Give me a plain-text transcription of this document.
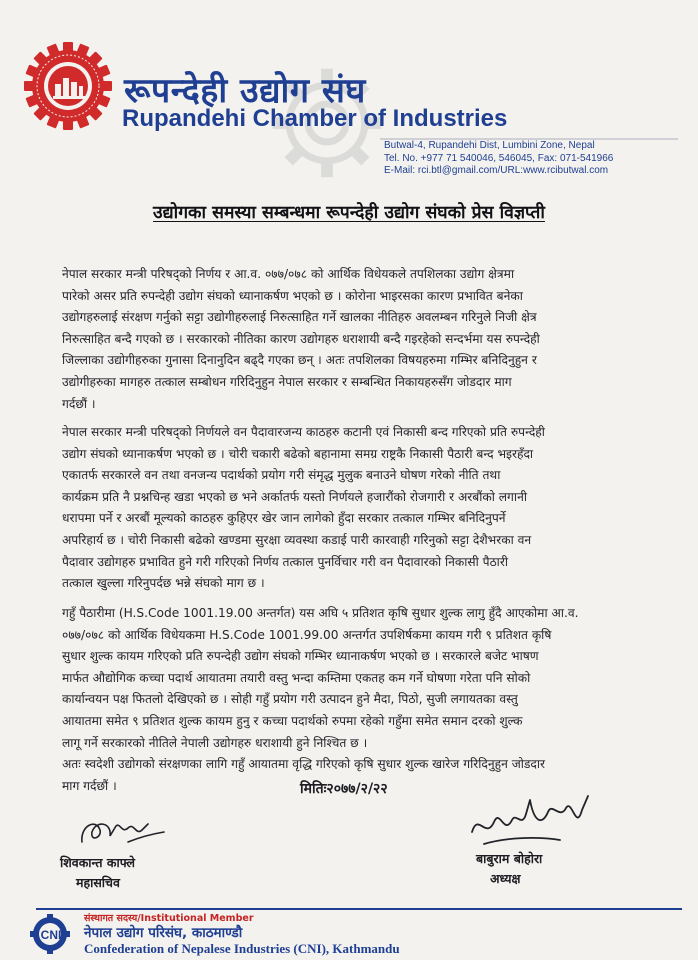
रूपन्देही उद्योग संघ
Rupandehi Chamber of Industries
Butwal-4, Rupandehi Dist, Lumbini Zone, Nepal
Tel. No. +977 71 540046, 546045, Fax: 071-541966
E-Mail: rci.btl@gmail.com/URL:www.rcibutwal.com
उद्योगका समस्या सम्बन्धमा रूपन्देही उद्योग संघको प्रेस विज्ञप्ती
नेपाल सरकार मन्त्री परिषद्को निर्णय र आ.व. ०७७/०७८ को आर्थिक विधेयकले तपशिलका उद्योग क्षेत्रमा
पारेको असर प्रति रुपन्देही उद्योग संघको ध्यानाकर्षण भएको छ । कोरोना भाइरसका कारण प्रभावित बनेका
उद्योगहरुलाई संरक्षण गर्नुको सट्टा उद्योगीहरुलाई निरुत्साहित गर्ने खालका नीतिहरु अवलम्बन गरिनुले निजी क्षेत्र
निरुत्साहित बन्दै गएको छ । सरकारको नीतिका कारण उद्योगहरु धराशायी बन्दै गइरहेको सन्दर्भमा यस रुपन्देही
जिल्लाका उद्योगीहरुका गुनासा दिनानुदिन बढ्दै गएका छन् । अतः तपशिलका विषयहरुमा गम्भिर बनिदिनुहुन र
उद्योगीहरुका मागहरु तत्काल सम्बोधन गरिदिनुहुन नेपाल सरकार र सम्बन्धित निकायहरुसँग जोडदार माग
गर्दछौं ।
नेपाल सरकार मन्त्री परिषद्को निर्णयले वन पैदावारजन्य काठहरु कटानी एवं निकासी बन्द गरिएको प्रति रुपन्देही
उद्योग संघको ध्यानाकर्षण भएको छ । चोरी चकारी बढेको बहानामा समग्र राष्ट्रकै निकासी पैठारी बन्द भइरहँदा
एकातर्फ सरकारले वन तथा वनजन्य पदार्थको प्रयोग गरी संमृद्ध मुलुक बनाउने घोषण गरेको नीति तथा
कार्यक्रम प्रति नै प्रश्नचिन्ह खडा भएको छ भने अर्कातर्फ यस्तो निर्णयले हजारौंको रोजगारी र अरबौंको लगानी
धरापमा पर्ने र अरबौं मूल्यको काठहरु कुहिएर खेर जान लागेको हुँदा सरकार तत्काल गम्भिर बनिदिनुपर्ने
अपरिहार्य छ । चोरी निकासी बढेको खण्डमा सुरक्षा व्यवस्था कडाई पारी कारवाही गरिनुको सट्टा देशैभरका वन
पैदावार उद्योगहरु प्रभावित हुने गरी गरिएको निर्णय तत्काल पुनर्विचार गरी वन पैदावारको निकासी पैठारी
तत्काल खुल्ला गरिनुपर्दछ भन्ने संघको माग छ ।
गहुँ पैठारीमा (H.S.Code 1001.19.00 अन्तर्गत) यस अघि ५ प्रतिशत कृषि सुधार शुल्क लागु हुँदै आएकोमा आ.व.
०७७/०७८ को आर्थिक विधेयकमा H.S.Code 1001.99.00 अन्तर्गत उपशिर्षकमा कायम गरी ९ प्रतिशत कृषि
सुधार शुल्क कायम गरिएको प्रति रुपन्देही उद्योग संघको गम्भिर ध्यानाकर्षण भएको छ । सरकारले बजेट भाषण
मार्फत औद्योगिक कच्चा पदार्थ आयातमा तयारी वस्तु भन्दा कम्तिमा एकतह कम गर्ने घोषणा गरेता पनि सोको
कार्यान्वयन पक्ष फितलो देखिएको छ । सोही गहुँ प्रयोग गरी उत्पादन हुने मैदा, पिठो, सुजी लगायतका वस्तु
आयातमा समेत ९ प्रतिशत शुल्क कायम हुनु र कच्चा पदार्थको रुपमा रहेको गहुँमा समेत समान दरको शुल्क
लागू गर्ने सरकारको नीतिले नेपाली उद्योगहरु धराशायी हुने निश्चित छ ।
अतः स्वदेशी उद्योगको संरक्षणका लागि गहुँ आयातमा वृद्धि गरिएको कृषि सुधार शुल्क खारेज गरिदिनुहुन जोडदार
माग गर्दछौं ।	मितिः२०७७/२/२२
शिवकान्त काफ्ले
महासचिव
बाबुराम बोहोरा
अध्यक्ष
CNI
संस्थागत सदस्य/Institutional Member
नेपाल उद्योग परिसंघ, काठमाण्डौ
Confederation of Nepalese Industries (CNI), Kathmandu
